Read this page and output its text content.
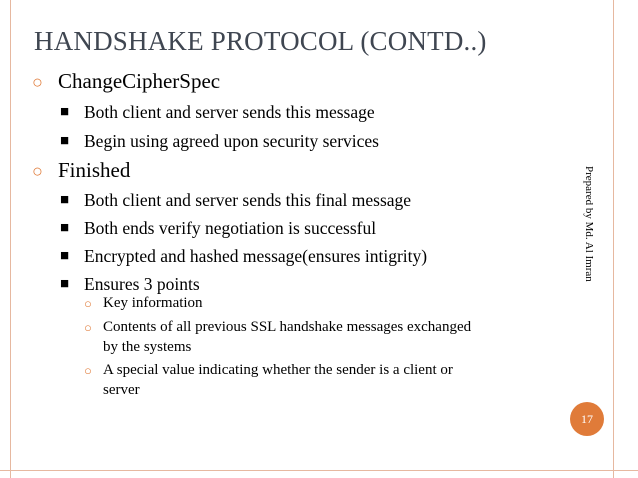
HANDSHAKE PROTOCOL (CONTD..)
○ ChangeCipherSpec
■ Both client and server sends this message
■ Begin using agreed upon security services
○ Finished
■ Both client and server sends this final message
■ Both ends verify negotiation is successful
■ Encrypted and hashed message(ensures intigrity)
■ Ensures 3 points
○ Key information
○ Contents of all previous SSL handshake messages exchanged
by the systems
○ A special value indicating whether the sender is a client or
server
Prepared by Md. Al Imran
17
